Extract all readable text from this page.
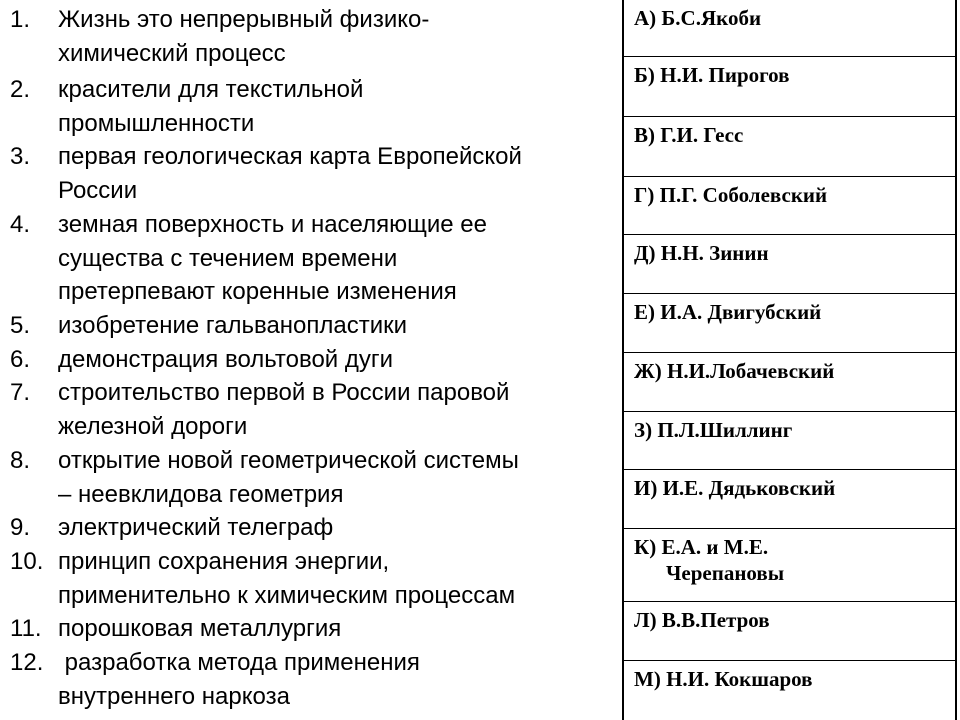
1. Жизнь это непрерывный физико-
химический процесс
2. красители для текстильной
промышленности
3. первая геологическая карта Европейской
России
4. земная поверхность и населяющие ее
существа с течением времени
претерпевают коренные изменения
5. изобретение гальванопластики
6. демонстрация вольтовой дуги
7. строительство первой в России паровой
железной дороги
8. открытие новой геометрической системы
– неевклидова геометрия
9. электрический телеграф
10. принцип сохранения энергии,
применительно к химическим процессам
11. порошковая металлургия
12. разработка метода применения
внутреннего наркоза
А) Б.С.Якоби
Б) Н.И. Пирогов
В) Г.И. Гесс
Г) П.Г. Соболевский
Д) Н.Н. Зинин
Е) И.А. Двигубский
Ж) Н.И.Лобачевский
З) П.Л.Шиллинг
И) И.Е. Дядьковский
К) Е.А. и М.Е.
Черепановы
Л) В.В.Петров
М) Н.И. Кокшаров
